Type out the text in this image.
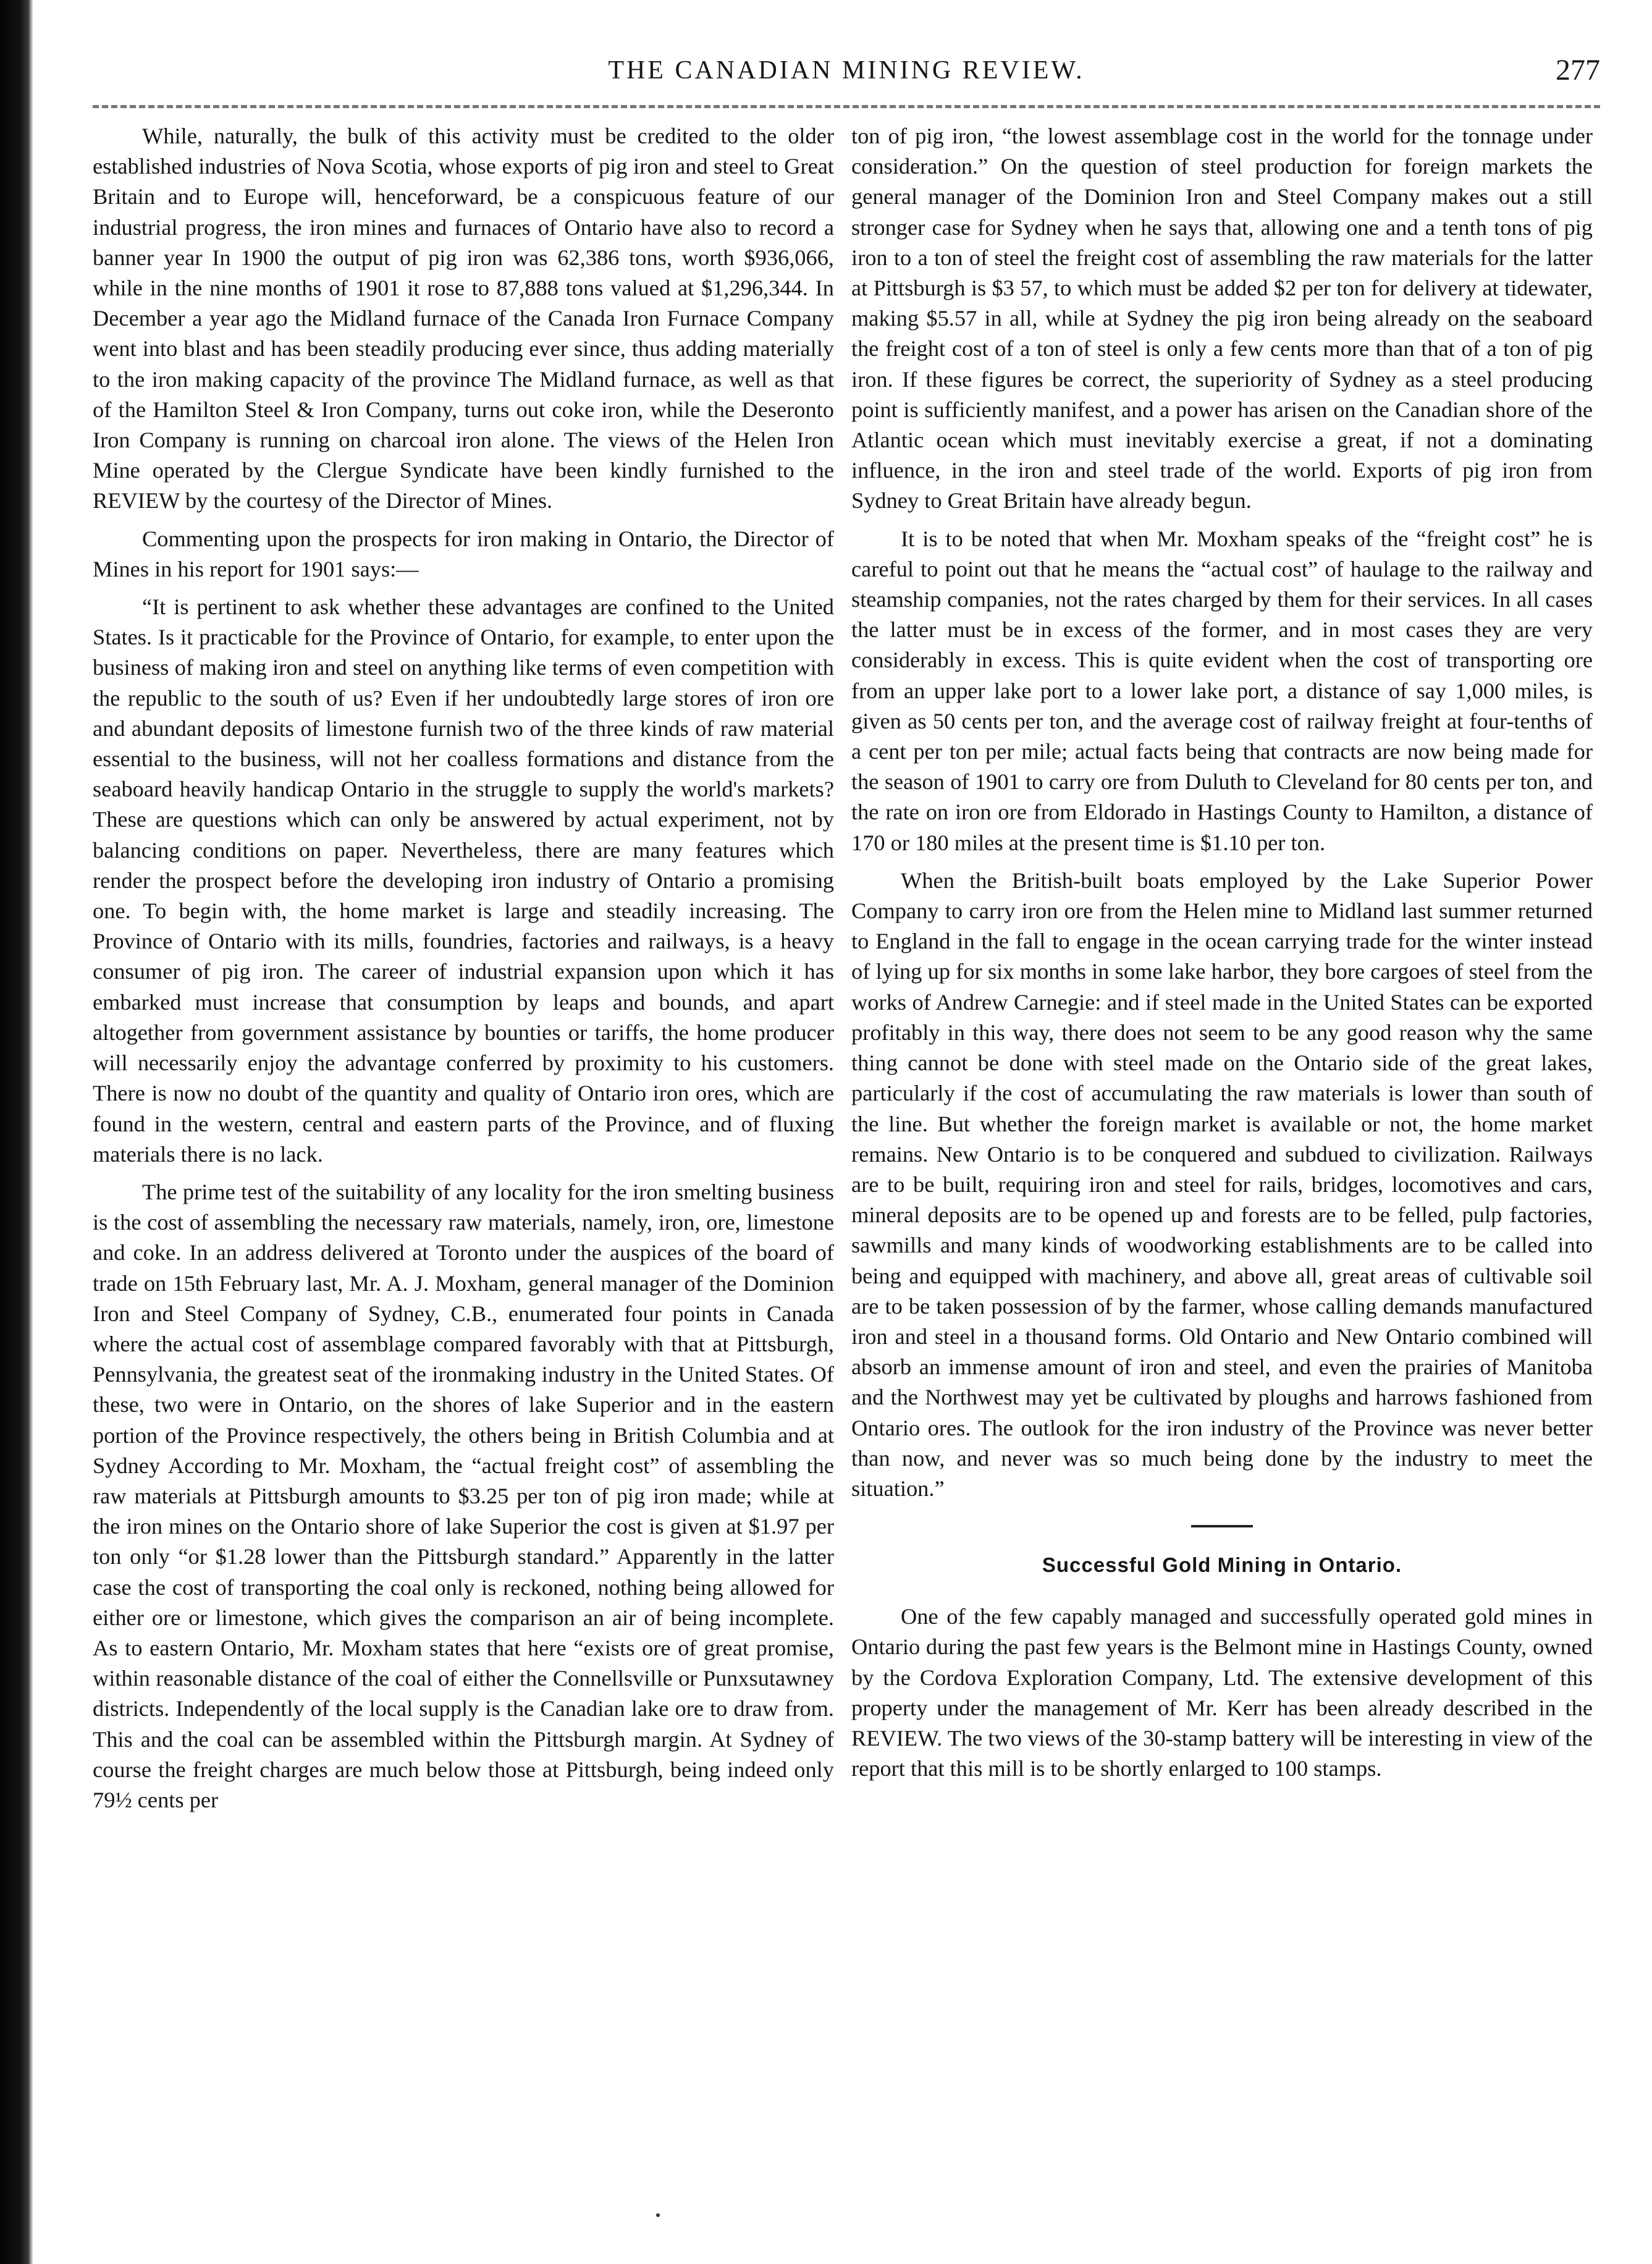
THE CANADIAN MINING REVIEW.	277

While, naturally, the bulk of this activity must be credited to the older established industries of Nova Scotia, whose exports of pig iron and steel to Great Britain and to Europe will, henceforward, be a conspicuous feature of our industrial progress, the iron mines and furnaces of Ontario have also to record a banner year In 1900 the output of pig iron was 62,386 tons, worth $936,066, while in the nine months of 1901 it rose to 87,888 tons valued at $1,296,344. In December a year ago the Midland furnace of the Canada Iron Furnace Company went into blast and has been steadily producing ever since, thus adding materially to the iron making capacity of the province The Midland furnace, as well as that of the Hamilton Steel & Iron Company, turns out coke iron, while the Deseronto Iron Company is running on charcoal iron alone. The views of the Helen Iron Mine operated by the Clergue Syndicate have been kindly furnished to the REVIEW by the courtesy of the Director of Mines.

Commenting upon the prospects for iron making in Ontario, the Director of Mines in his report for 1901 says:—

“It is pertinent to ask whether these advantages are confined to the United States. Is it practicable for the Province of Ontario, for example, to enter upon the business of making iron and steel on anything like terms of even competition with the republic to the south of us? Even if her undoubtedly large stores of iron ore and abundant deposits of limestone furnish two of the three kinds of raw material essential to the business, will not her coalless formations and distance from the seaboard heavily handicap Ontario in the struggle to supply the world's markets? These are questions which can only be answered by actual experiment, not by balancing conditions on paper. Nevertheless, there are many features which render the prospect before the developing iron industry of Ontario a promising one. To begin with, the home market is large and steadily increasing. The Province of Ontario with its mills, foundries, factories and railways, is a heavy consumer of pig iron. The career of industrial expansion upon which it has embarked must increase that consumption by leaps and bounds, and apart altogether from government assistance by bounties or tariffs, the home producer will necessarily enjoy the advantage conferred by proximity to his customers. There is now no doubt of the quantity and quality of Ontario iron ores, which are found in the western, central and eastern parts of the Province, and of fluxing materials there is no lack.

The prime test of the suitability of any locality for the iron smelting business is the cost of assembling the necessary raw materials, namely, iron, ore, limestone and coke. In an address delivered at Toronto under the auspices of the board of trade on 15th February last, Mr. A. J. Moxham, general manager of the Dominion Iron and Steel Company of Sydney, C.B., enumerated four points in Canada where the actual cost of assemblage compared favorably with that at Pittsburgh, Pennsylvania, the greatest seat of the ironmaking industry in the United States. Of these, two were in Ontario, on the shores of lake Superior and in the eastern portion of the Province respectively, the others being in British Columbia and at Sydney According to Mr. Moxham, the “actual freight cost” of assembling the raw materials at Pittsburgh amounts to $3.25 per ton of pig iron made; while at the iron mines on the Ontario shore of lake Superior the cost is given at $1.97 per ton only “or $1.28 lower than the Pittsburgh standard.” Apparently in the latter case the cost of transporting the coal only is reckoned, nothing being allowed for either ore or limestone, which gives the comparison an air of being incomplete. As to eastern Ontario, Mr. Moxham states that here “exists ore of great promise, within reasonable distance of the coal of either the Connellsville or Punxsutawney districts. Independently of the local supply is the Canadian lake ore to draw from. This and the coal can be assembled within the Pittsburgh margin. At Sydney of course the freight charges are much below those at Pittsburgh, being indeed only 79½ cents per

ton of pig iron, “the lowest assemblage cost in the world for the tonnage under consideration.” On the question of steel production for foreign markets the general manager of the Dominion Iron and Steel Company makes out a still stronger case for Sydney when he says that, allowing one and a tenth tons of pig iron to a ton of steel the freight cost of assembling the raw materials for the latter at Pittsburgh is $3 57, to which must be added $2 per ton for delivery at tidewater, making $5.57 in all, while at Sydney the pig iron being already on the seaboard the freight cost of a ton of steel is only a few cents more than that of a ton of pig iron. If these figures be correct, the superiority of Sydney as a steel producing point is sufficiently manifest, and a power has arisen on the Canadian shore of the Atlantic ocean which must inevitably exercise a great, if not a dominating influence, in the iron and steel trade of the world. Exports of pig iron from Sydney to Great Britain have already begun.

It is to be noted that when Mr. Moxham speaks of the “freight cost” he is careful to point out that he means the “actual cost” of haulage to the railway and steamship companies, not the rates charged by them for their services. In all cases the latter must be in excess of the former, and in most cases they are very considerably in excess. This is quite evident when the cost of transporting ore from an upper lake port to a lower lake port, a distance of say 1,000 miles, is given as 50 cents per ton, and the average cost of railway freight at four-tenths of a cent per ton per mile; actual facts being that contracts are now being made for the season of 1901 to carry ore from Duluth to Cleveland for 80 cents per ton, and the rate on iron ore from Eldorado in Hastings County to Hamilton, a distance of 170 or 180 miles at the present time is $1.10 per ton.

When the British-built boats employed by the Lake Superior Power Company to carry iron ore from the Helen mine to Midland last summer returned to England in the fall to engage in the ocean carrying trade for the winter instead of lying up for six months in some lake harbor, they bore cargoes of steel from the works of Andrew Carnegie: and if steel made in the United States can be exported profitably in this way, there does not seem to be any good reason why the same thing cannot be done with steel made on the Ontario side of the great lakes, particularly if the cost of accumulating the raw materials is lower than south of the line. But whether the foreign market is available or not, the home market remains. New Ontario is to be conquered and subdued to civilization. Railways are to be built, requiring iron and steel for rails, bridges, locomotives and cars, mineral deposits are to be opened up and forests are to be felled, pulp factories, sawmills and many kinds of woodworking establishments are to be called into being and equipped with machinery, and above all, great areas of cultivable soil are to be taken possession of by the farmer, whose calling demands manufactured iron and steel in a thousand forms. Old Ontario and New Ontario combined will absorb an immense amount of iron and steel, and even the prairies of Manitoba and the Northwest may yet be cultivated by ploughs and harrows fashioned from Ontario ores. The outlook for the iron industry of the Province was never better than now, and never was so much being done by the industry to meet the situation.”

Successful Gold Mining in Ontario.

One of the few capably managed and successfully operated gold mines in Ontario during the past few years is the Belmont mine in Hastings County, owned by the Cordova Exploration Company, Ltd. The extensive development of this property under the management of Mr. Kerr has been already described in the REVIEW. The two views of the 30-stamp battery will be interesting in view of the report that this mill is to be shortly enlarged to 100 stamps.
